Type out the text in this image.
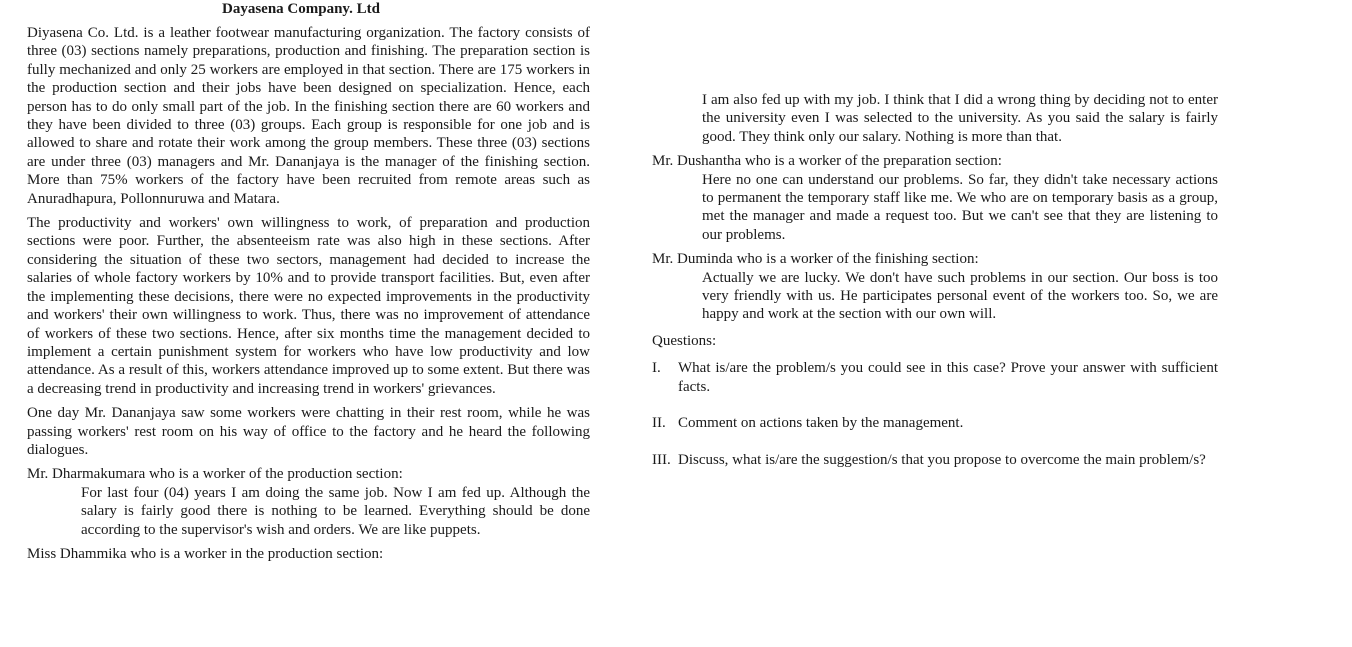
Dayasena Company. Ltd

Diyasena Co. Ltd. is a leather footwear manufacturing organization. The factory consists of three (03) sections namely preparations, production and finishing. The preparation section is fully mechanized and only 25 workers are employed in that section. There are 175 workers in the production section and their jobs have been designed on specialization. Hence, each person has to do only small part of the job. In the finishing section there are 60 workers and they have been divided to three (03) groups. Each group is responsible for one job and is allowed to share and rotate their work among the group members. These three (03) sections are under three (03) managers and Mr. Dananjaya is the manager of the finishing section. More than 75% workers of the factory have been recruited from remote areas such as Anuradhapura, Pollonnuruwa and Matara.

The productivity and workers' own willingness to work, of preparation and production sections were poor. Further, the absenteeism rate was also high in these sections. After considering the situation of these two sectors, management had decided to increase the salaries of whole factory workers by 10% and to provide transport facilities. But, even after the implementing these decisions, there were no expected improvements in the productivity and workers' their own willingness to work. Thus, there was no improvement of attendance of workers of these two sections. Hence, after six months time the management decided to implement a certain punishment system for workers who have low productivity and low attendance. As a result of this, workers attendance improved up to some extent. But there was a decreasing trend in productivity and increasing trend in workers' grievances.

One day Mr. Dananjaya saw some workers were chatting in their rest room, while he was passing workers' rest room on his way of office to the factory and he heard the following dialogues.

Mr. Dharmakumara who is a worker of the production section:

For last four (04) years I am doing the same job. Now I am fed up. Although the salary is fairly good there is nothing to be learned. Everything should be done according to the supervisor's wish and orders. We are like puppets.

Miss Dhammika who is a worker in the production section:

I am also fed up with my job. I think that I did a wrong thing by deciding not to enter the university even I was selected to the university. As you said the salary is fairly good. They think only our salary. Nothing is more than that.

Mr. Dushantha who is a worker of the preparation section:

Here no one can understand our problems. So far, they didn't take necessary actions to permanent the temporary staff like me. We who are on temporary basis as a group, met the manager and made a request too. But we can't see that they are listening to our problems.

Mr. Duminda who is a worker of the finishing section:

Actually we are lucky. We don't have such problems in our section. Our boss is too very friendly with us. He participates personal event of the workers too. So, we are happy and work at the section with our own will.

Questions:

I.	What is/are the problem/s you could see in this case? Prove your answer with sufficient facts.
II. Comment on actions taken by the management.
III. Discuss, what is/are the suggestion/s that you propose to overcome the main problem/s?
